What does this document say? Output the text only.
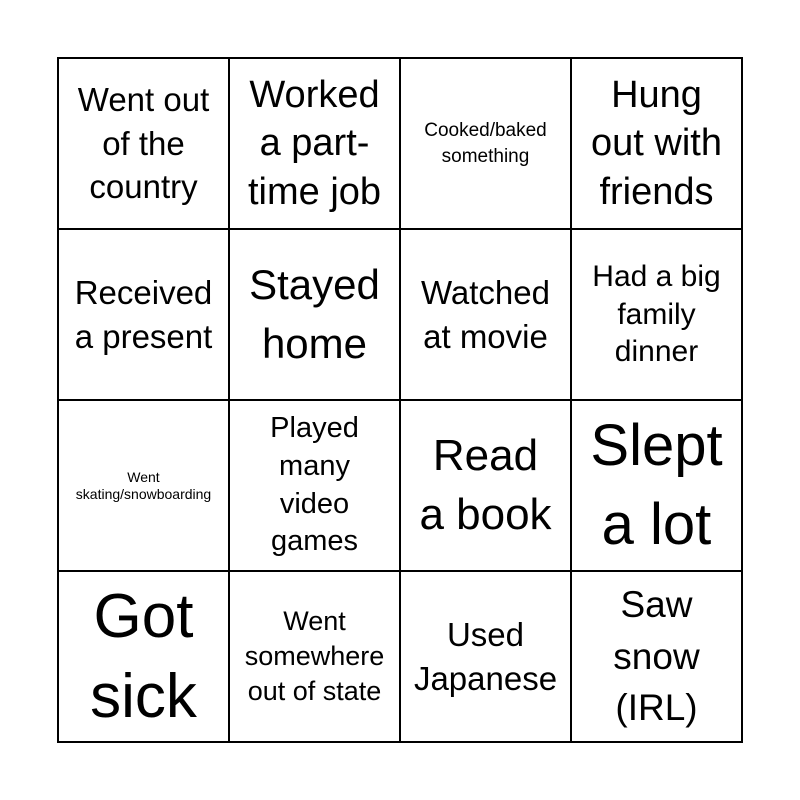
Went out
of the
country
Worked
a part-
time job
Cooked/baked
something
Hung
out with
friends
Received
a present
Stayed
home
Watched
at movie
Had a big
family
dinner
Went
skating/snowboarding
Played
many
video
games
Read
a book
Slept
a lot
Got
sick
Went
somewhere
out of state
Used
Japanese
Saw
snow
(IRL)
